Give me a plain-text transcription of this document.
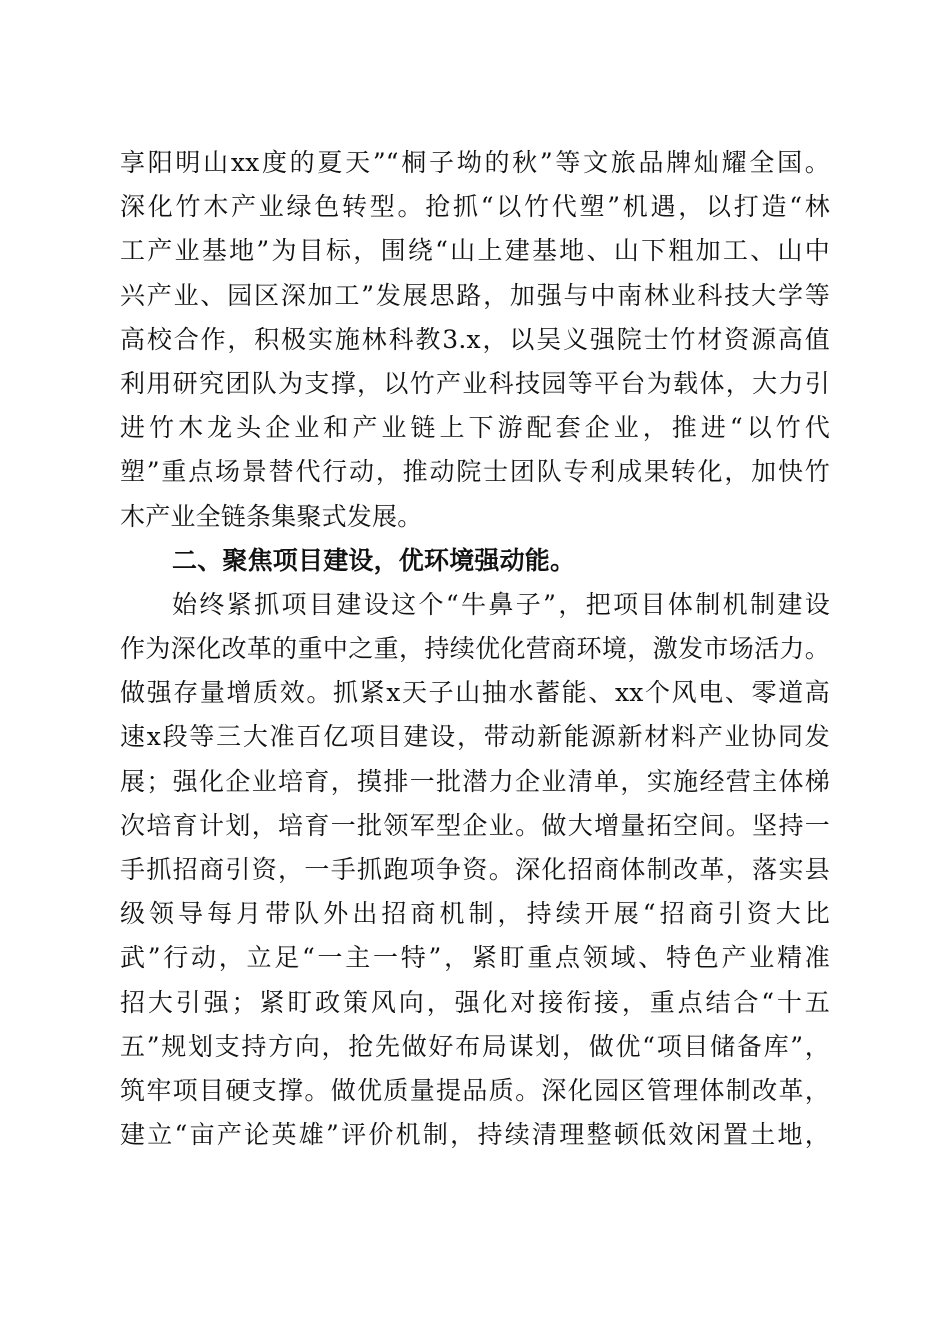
享阳明山xx度的夏天”“桐子坳的秋”等文旅品牌灿耀全国。
深化竹木产业绿色转型。抢抓“以竹代塑”机遇，以打造“林
工产业基地”为目标，围绕“山上建基地、山下粗加工、山中
兴产业、园区深加工”发展思路，加强与中南林业科技大学等
高校合作，积极实施林科教3.x，以吴义强院士竹材资源高值
利用研究团队为支撑，以竹产业科技园等平台为载体，大力引
进竹木龙头企业和产业链上下游配套企业，推进“以竹代
塑”重点场景替代行动，推动院士团队专利成果转化，加快竹
木产业全链条集聚式发展。
二、聚焦项目建设，优环境强动能。
始终紧抓项目建设这个“牛鼻子”，把项目体制机制建设
作为深化改革的重中之重，持续优化营商环境，激发市场活力。
做强存量增质效。抓紧x天子山抽水蓄能、xx个风电、零道高
速x段等三大准百亿项目建设，带动新能源新材料产业协同发
展；强化企业培育，摸排一批潜力企业清单，实施经营主体梯
次培育计划，培育一批领军型企业。做大增量拓空间。坚持一
手抓招商引资，一手抓跑项争资。深化招商体制改革，落实县
级领导每月带队外出招商机制，持续开展“招商引资大比
武”行动，立足“一主一特”，紧盯重点领域、特色产业精准
招大引强；紧盯政策风向，强化对接衔接，重点结合“十五
五”规划支持方向，抢先做好布局谋划，做优“项目储备库”，
筑牢项目硬支撑。做优质量提品质。深化园区管理体制改革，
建立“亩产论英雄”评价机制，持续清理整顿低效闲置土地，
